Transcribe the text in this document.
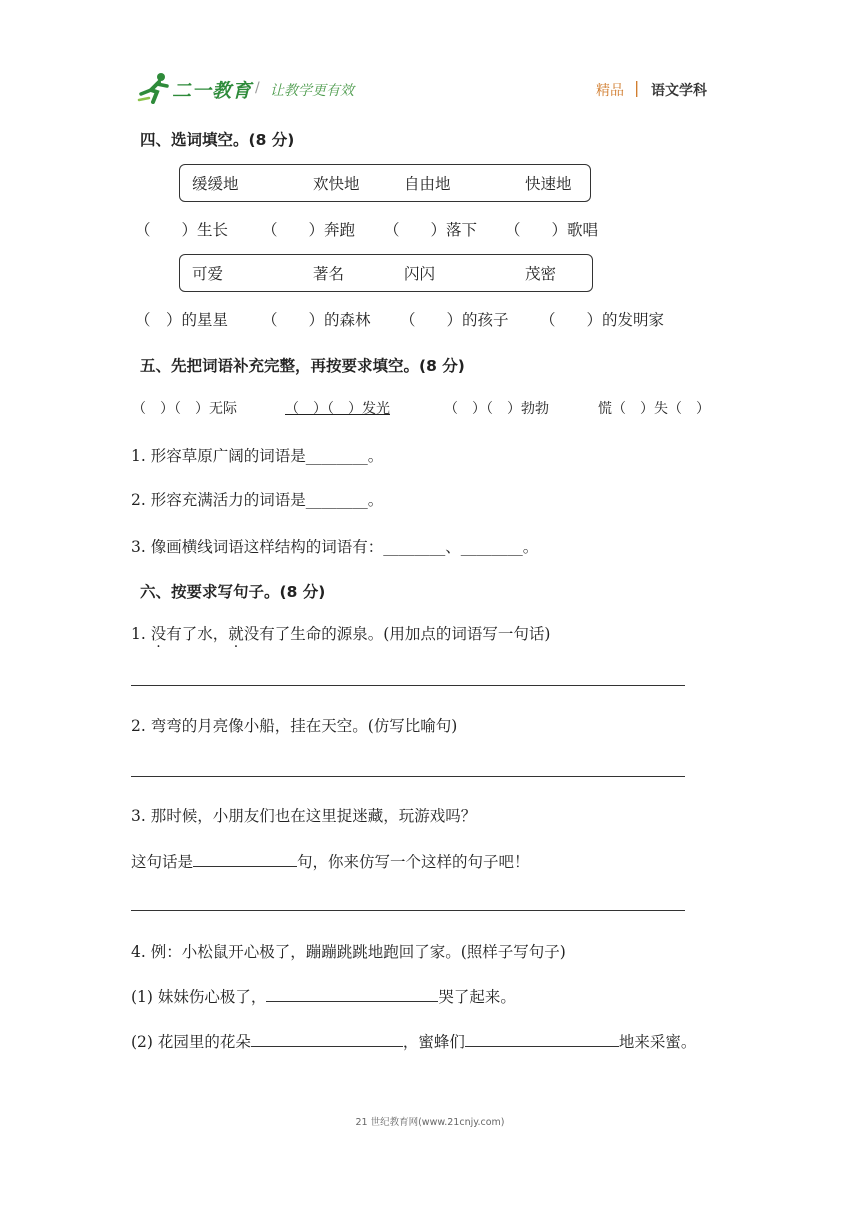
二一教育 / 让教学更有效	精品 | 语文学科
四、选词填空。(8 分)
缓缓地	欢快地	自由地	快速地
（　　）生长 （　　）奔跑 （　　）落下 （　　）歌唱
可爱	著名	闪闪	茂密
（　）的星星 （　　）的森林 （　　）的孩子 （　　）的发明家
五、先把词语补充完整，再按要求填空。(8 分)
（　）（　）无际	（　）（　）发光	（　）（　）勃勃	慌（　）失（　）
1. 形容草原广阔的词语是________。
2. 形容充满活力的词语是________。
3. 像画横线词语这样结构的词语有：________、________。
六、按要求写句子。(8 分)
1. 没有了水，就没有了生命的源泉。(用加点的词语写一句话)
2. 弯弯的月亮像小船，挂在天空。(仿写比喻句)
3. 那时候，小朋友们也在这里捉迷藏，玩游戏吗？
这句话是	句，你来仿写一个这样的句子吧！
4. 例：小松鼠开心极了，蹦蹦跳跳地跑回了家。(照样子写句子)
(1) 妹妹伤心极了，	哭了起来。
(2) 花园里的花朵	，蜜蜂们	地来采蜜。
21 世纪教育网(www.21cnjy.com)
